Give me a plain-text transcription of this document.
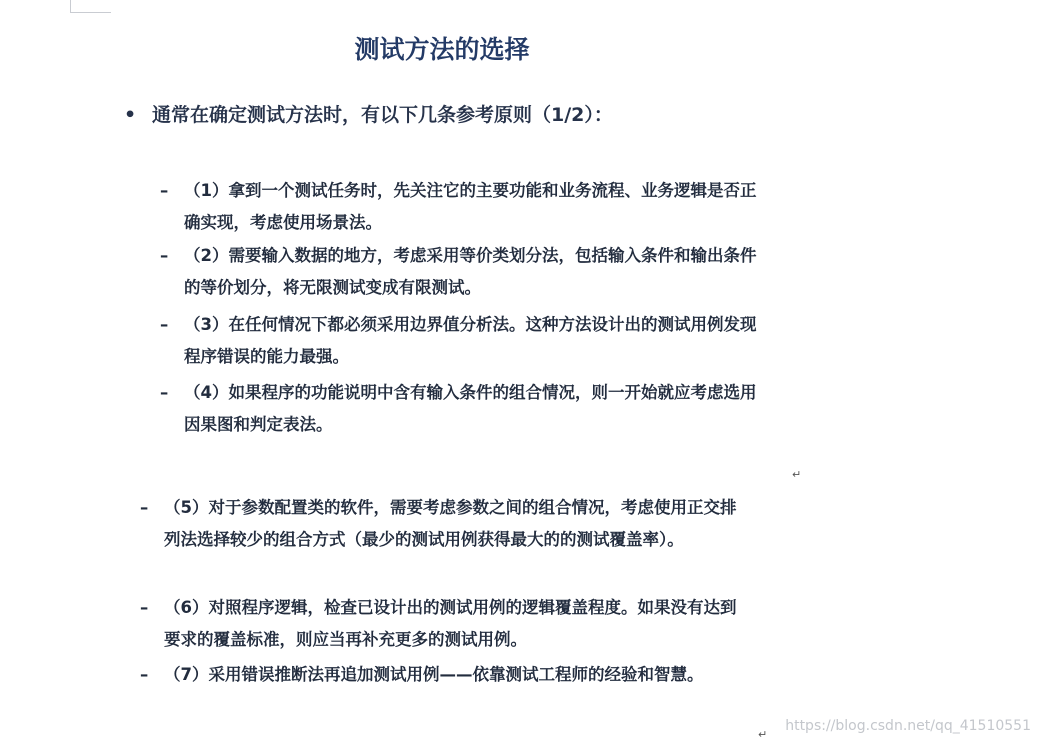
测试方法的选择
• 通常在确定测试方法时，有以下几条参考原则（1/2）：
– （1）拿到一个测试任务时，先关注它的主要功能和业务流程、业务逻辑是否正确实现，考虑使用场景法。
– （2）需要输入数据的地方，考虑采用等价类划分法，包括输入条件和输出条件的等价划分，将无限测试变成有限测试。
– （3）在任何情况下都必须采用边界值分析法。这种方法设计出的测试用例发现程序错误的能力最强。
– （4）如果程序的功能说明中含有输入条件的组合情况，则一开始就应考虑选用因果图和判定表法。
↵
– （5）对于参数配置类的软件，需要考虑参数之间的组合情况，考虑使用正交排列法选择较少的组合方式（最少的测试用例获得最大的的测试覆盖率）。
– （6）对照程序逻辑，检查已设计出的测试用例的逻辑覆盖程度。如果没有达到要求的覆盖标准，则应当再补充更多的测试用例。
– （7）采用错误推断法再追加测试用例——依靠测试工程师的经验和智慧。
↵
https://blog.csdn.net/qq_41510551
